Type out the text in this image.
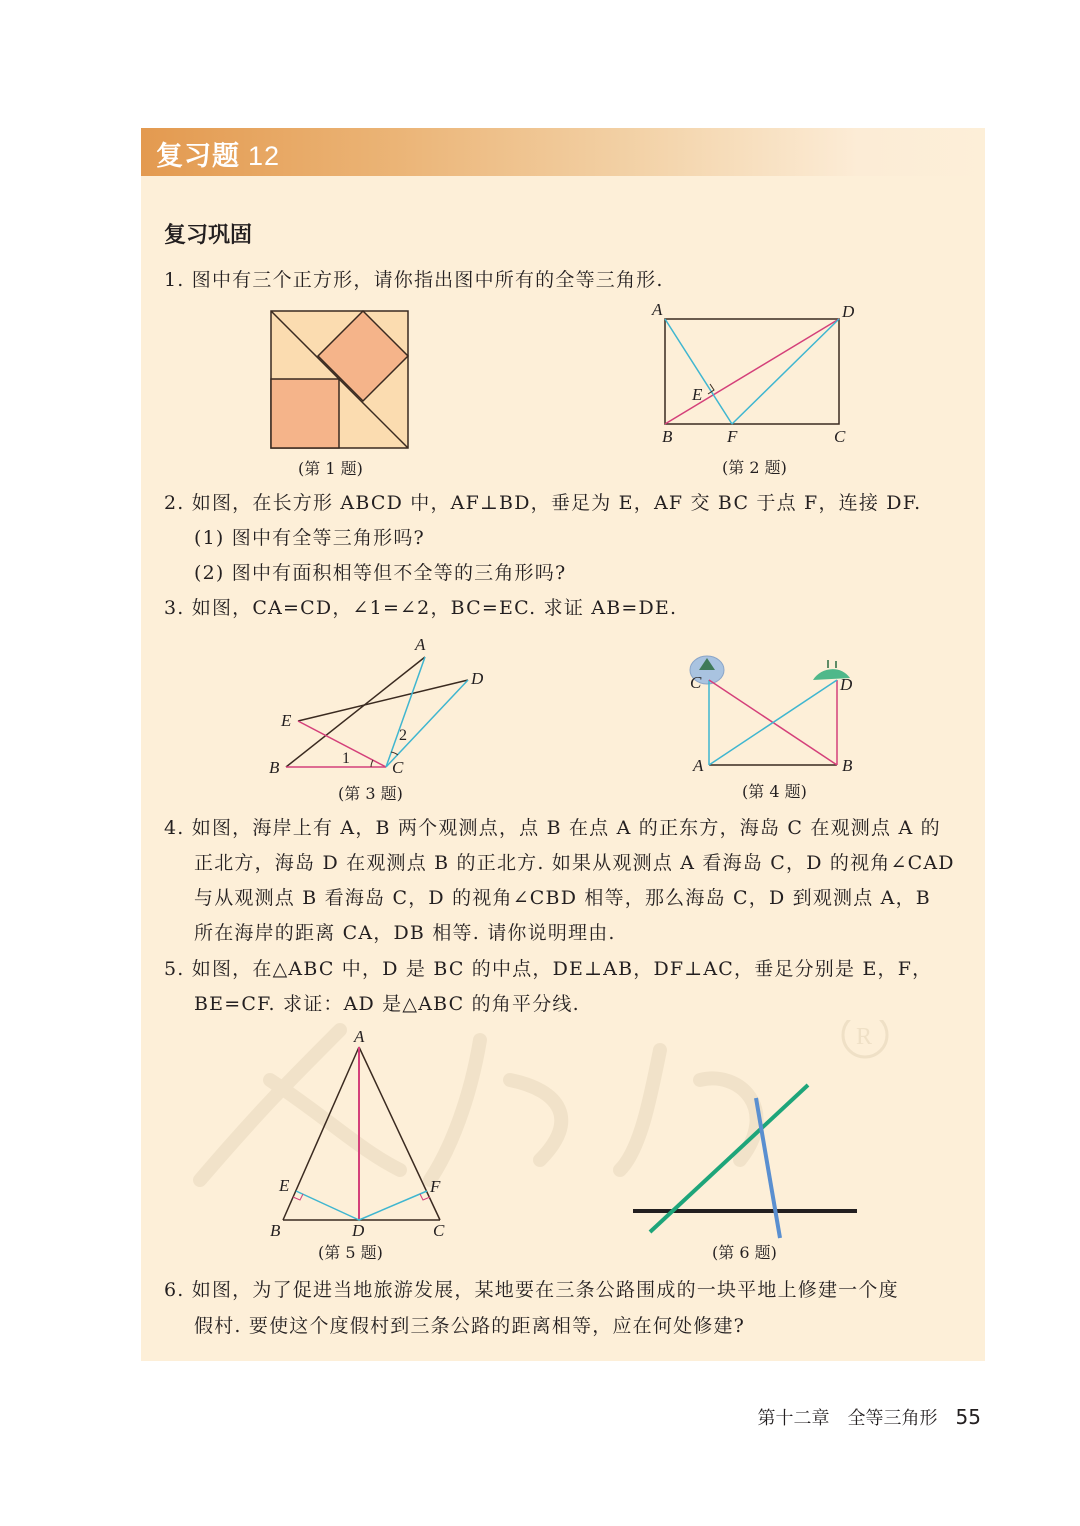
复习题 12
复习巩固
R
1. 图中有三个正方形，请你指出图中所有的全等三角形.
(第 1 题)
A	D
E
B	F	C
(第 2 题)
2. 如图，在长方形 ABCD 中，AF⊥BD，垂足为 E，AF 交 BC 于点 F，连接 DF.
(1) 图中有全等三角形吗?
(2) 图中有面积相等但不全等的三角形吗?
3. 如图，CA=CD，∠1=∠2，BC=EC. 求证 AB=DE.
A
D
E
B	C
1
2
(第 3 题)
C	D
A	B
(第 4 题)
4. 如图，海岸上有 A，B 两个观测点，点 B 在点 A 的正东方，海岛 C 在观测点 A 的
正北方，海岛 D 在观测点 B 的正北方. 如果从观测点 A 看海岛 C，D 的视角∠CAD
与从观测点 B 看海岛 C，D 的视角∠CBD 相等，那么海岛 C，D 到观测点 A，B
所在海岸的距离 CA，DB 相等. 请你说明理由.
5. 如图，在△ABC 中，D 是 BC 的中点，DE⊥AB，DF⊥AC，垂足分别是 E，F，
BE=CF. 求证：AD 是△ABC 的角平分线.
A
E	F
B	D	C
(第 5 题)	(第 6 题)
6. 如图，为了促进当地旅游发展，某地要在三条公路围成的一块平地上修建一个度
假村. 要使这个度假村到三条公路的距离相等，应在何处修建?
第十二章　全等三角形 55
